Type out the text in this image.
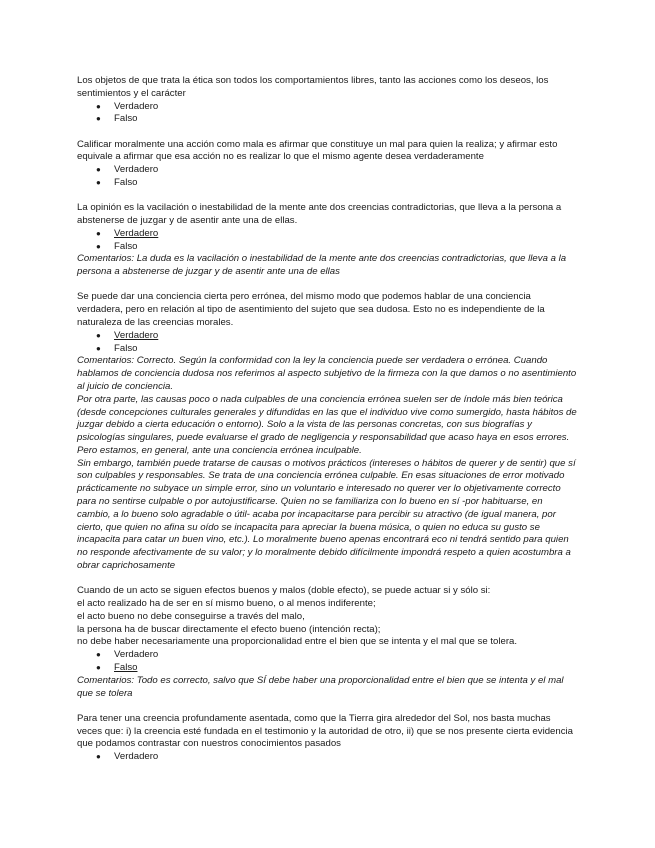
Los objetos de que trata la ética son todos los comportamientos libres, tanto las acciones como los deseos, los sentimientos y el carácter

● Verdadero
● Falso

Calificar moralmente una acción como mala es afirmar que constituye un mal para quien la realiza; y afirmar esto equivale a afirmar que esa acción no es realizar lo que el mismo agente desea verdaderamente

● Verdadero
● Falso

La opinión es la vacilación o inestabilidad de la mente ante dos creencias contradictorias, que lleva a la persona a abstenerse de juzgar y de asentir ante una de ellas.

● Verdadero
● Falso

Comentarios: La duda es la vacilación o inestabilidad de la mente ante dos creencias contradictorias, que lleva a la persona a abstenerse de juzgar y de asentir ante una de ellas

Se puede dar una conciencia cierta pero errónea, del mismo modo que podemos hablar de una conciencia verdadera, pero en relación al tipo de asentimiento del sujeto que sea dudosa. Esto no es independiente de la naturaleza de las creencias morales.

● Verdadero
● Falso

Comentarios: Correcto. Según la conformidad con la ley la conciencia puede ser verdadera o errónea. Cuando hablamos de conciencia dudosa nos referimos al aspecto subjetivo de la firmeza con la que damos o no asentimiento al juicio de conciencia.

Por otra parte, las causas poco o nada culpables de una conciencia errónea suelen ser de índole más bien teórica (desde concepciones culturales generales y difundidas en las que el individuo vive como sumergido, hasta hábitos de juzgar debido a cierta educación o entorno). Solo a la vista de las personas concretas, con sus biografías y psicologías singulares, puede evaluarse el grado de negligencia y responsabilidad que acaso haya en esos errores. Pero estamos, en general, ante una conciencia errónea inculpable.

Sin embargo, también puede tratarse de causas o motivos prácticos (intereses o hábitos de querer y de sentir) que sí son culpables y responsables. Se trata de una conciencia errónea culpable. En esas situaciones de error motivado prácticamente no subyace un simple error, sino un voluntario e interesado no querer ver lo objetivamente correcto para no sentirse culpable o por autojustificarse. Quien no se familiariza con lo bueno en sí -por habituarse, en cambio, a lo bueno solo agradable o útil- acaba por incapacitarse para percibir su atractivo (de igual manera, por cierto, que quien no afina su oído se incapacita para apreciar la buena música, o quien no educa su gusto se incapacita para catar un buen vino, etc.). Lo moralmente bueno apenas encontrará eco ni tendrá sentido para quien no responde afectivamente de su valor; y lo moralmente debido difícilmente impondrá respeto a quien acostumbra a obrar caprichosamente

Cuando de un acto se siguen efectos buenos y malos (doble efecto), se puede actuar si y sólo si:

el acto realizado ha de ser en sí mismo bueno, o al menos indiferente;

el acto bueno no debe conseguirse a través del malo,

la persona ha de buscar directamente el efecto bueno (intención recta);

no debe haber necesariamente una proporcionalidad entre el bien que se intenta y el mal que se tolera.

● Verdadero
● Falso

Comentarios: Todo es correcto, salvo que SÍ debe haber una proporcionalidad entre el bien que se intenta y el mal que se tolera

Para tener una creencia profundamente asentada, como que la Tierra gira alrededor del Sol, nos basta muchas veces que: i) la creencia esté fundada en el testimonio y la autoridad de otro, ii) que se nos presente cierta evidencia que podamos contrastar con nuestros conocimientos pasados

● Verdadero
